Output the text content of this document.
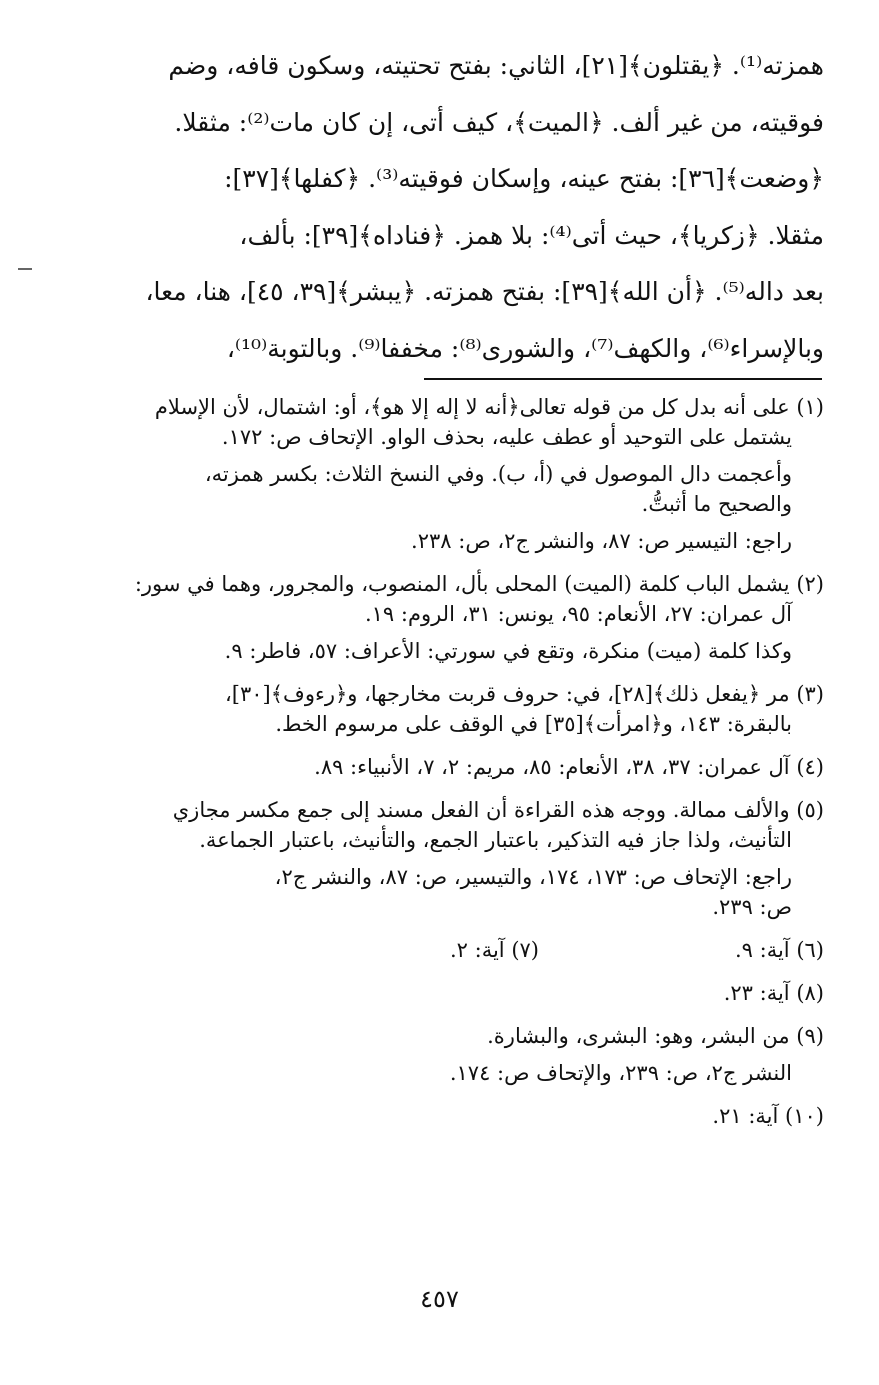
همزته⁽¹⁾. ﴿يقتلون﴾[٢١]، الثاني: بفتح تحتيته، وسكون قافه، وضم
فوقيته، من غير ألف. ﴿الميت﴾، كيف أتى، إن كان مات⁽²⁾: مثقلا.
﴿وضعت﴾[٣٦]: بفتح عينه، وإسكان فوقيته⁽³⁾. ﴿كفلها﴾[٣٧]:
مثقلا. ﴿زكريا﴾، حيث أتى⁽⁴⁾: بلا همز. ﴿فناداه﴾[٣٩]: بألف،
بعد داله⁽⁵⁾. ﴿أن الله﴾[٣٩]: بفتح همزته. ﴿يبشر﴾[٣٩، ٤٥]، هنا، معا،
وبالإسراء⁽⁶⁾، والكهف⁽⁷⁾، والشورى⁽⁸⁾: مخففا⁽⁹⁾. وبالتوبة⁽¹⁰⁾،
(١) على أنه بدل كل من قوله تعالى﴿أنه لا إله إلا هو﴾، أو: اشتمال، لأن الإسلام
يشتمل على التوحيد أو عطف عليه، بحذف الواو. الإتحاف ص: ١٧٢.
وأعجمت دال الموصول في (أ، ب). وفي النسخ الثلاث: بكسر همزته،
والصحيح ما أثبتُّ.
راجع: التيسير ص: ٨٧، والنشر ج٢، ص: ٢٣٨.
(٢) يشمل الباب كلمة (الميت) المحلى بأل، المنصوب، والمجرور، وهما في سور:
آل عمران: ٢٧، الأنعام: ٩٥، يونس: ٣١، الروم: ١٩.
وكذا كلمة (ميت) منكرة، وتقع في سورتي: الأعراف: ٥٧، فاطر: ٩.
(٣) مر ﴿يفعل ذلك﴾[٢٨]، في: حروف قربت مخارجها، و﴿رءوف﴾[٣٠]،
بالبقرة: ١٤٣، و﴿امرأت﴾[٣٥] في الوقف على مرسوم الخط.
(٤) آل عمران: ٣٧، ٣٨، الأنعام: ٨٥، مريم: ٢، ٧، الأنبياء: ٨٩.
(٥) والألف ممالة. ووجه هذه القراءة أن الفعل مسند إلى جمع مكسر مجازي
التأنيث، ولذا جاز فيه التذكير، باعتبار الجمع، والتأنيث، باعتبار الجماعة.
راجع: الإتحاف ص: ١٧٣، ١٧٤، والتيسير، ص: ٨٧، والنشر ج٢،
ص: ٢٣٩.
(٦) آية: ٩.
(٧) آية: ٢.
(٨) آية: ٢٣.
(٩) من البشر، وهو: البشرى، والبشارة.
النشر ج٢، ص: ٢٣٩، والإتحاف ص: ١٧٤.
(١٠) آية: ٢١.
٤٥٧
